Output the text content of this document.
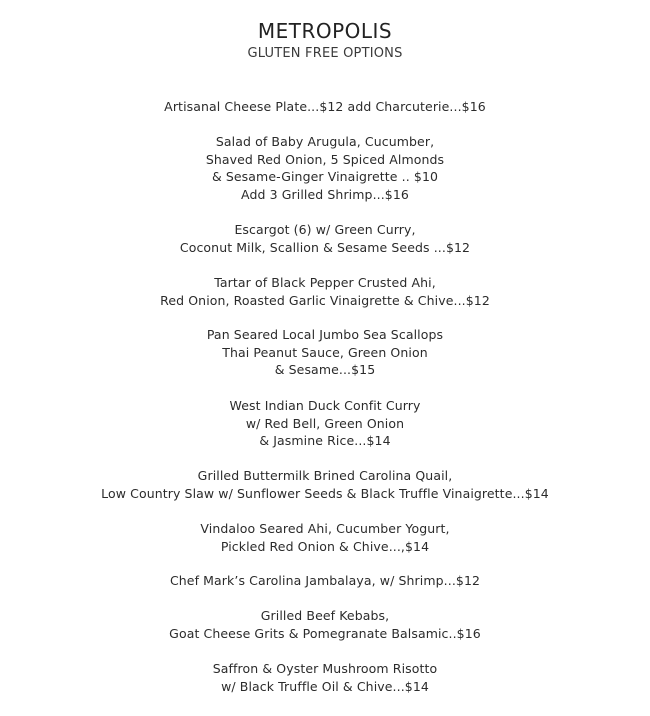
METROPOLIS
GLUTEN FREE OPTIONS
Artisanal Cheese Plate...$12 add Charcuterie...$16
Salad of Baby Arugula, Cucumber,
Shaved Red Onion, 5 Spiced Almonds
& Sesame-Ginger Vinaigrette .. $10
Add 3 Grilled Shrimp...$16
Escargot (6) w/ Green Curry,
Coconut Milk, Scallion & Sesame Seeds ...$12
Tartar of Black Pepper Crusted Ahi,
Red Onion, Roasted Garlic Vinaigrette & Chive...$12
Pan Seared Local Jumbo Sea Scallops
Thai Peanut Sauce, Green Onion
& Sesame...$15
West Indian Duck Confit Curry
w/ Red Bell, Green Onion
& Jasmine Rice...$14
Grilled Buttermilk Brined Carolina Quail,
Low Country Slaw w/ Sunflower Seeds & Black Truffle Vinaigrette...$14
Vindaloo Seared Ahi, Cucumber Yogurt,
Pickled Red Onion & Chive...,$14
Chef Mark’s Carolina Jambalaya, w/ Shrimp...$12
Grilled Beef Kebabs,
Goat Cheese Grits & Pomegranate Balsamic..$16
Saffron & Oyster Mushroom Risotto
w/ Black Truffle Oil & Chive...$14
